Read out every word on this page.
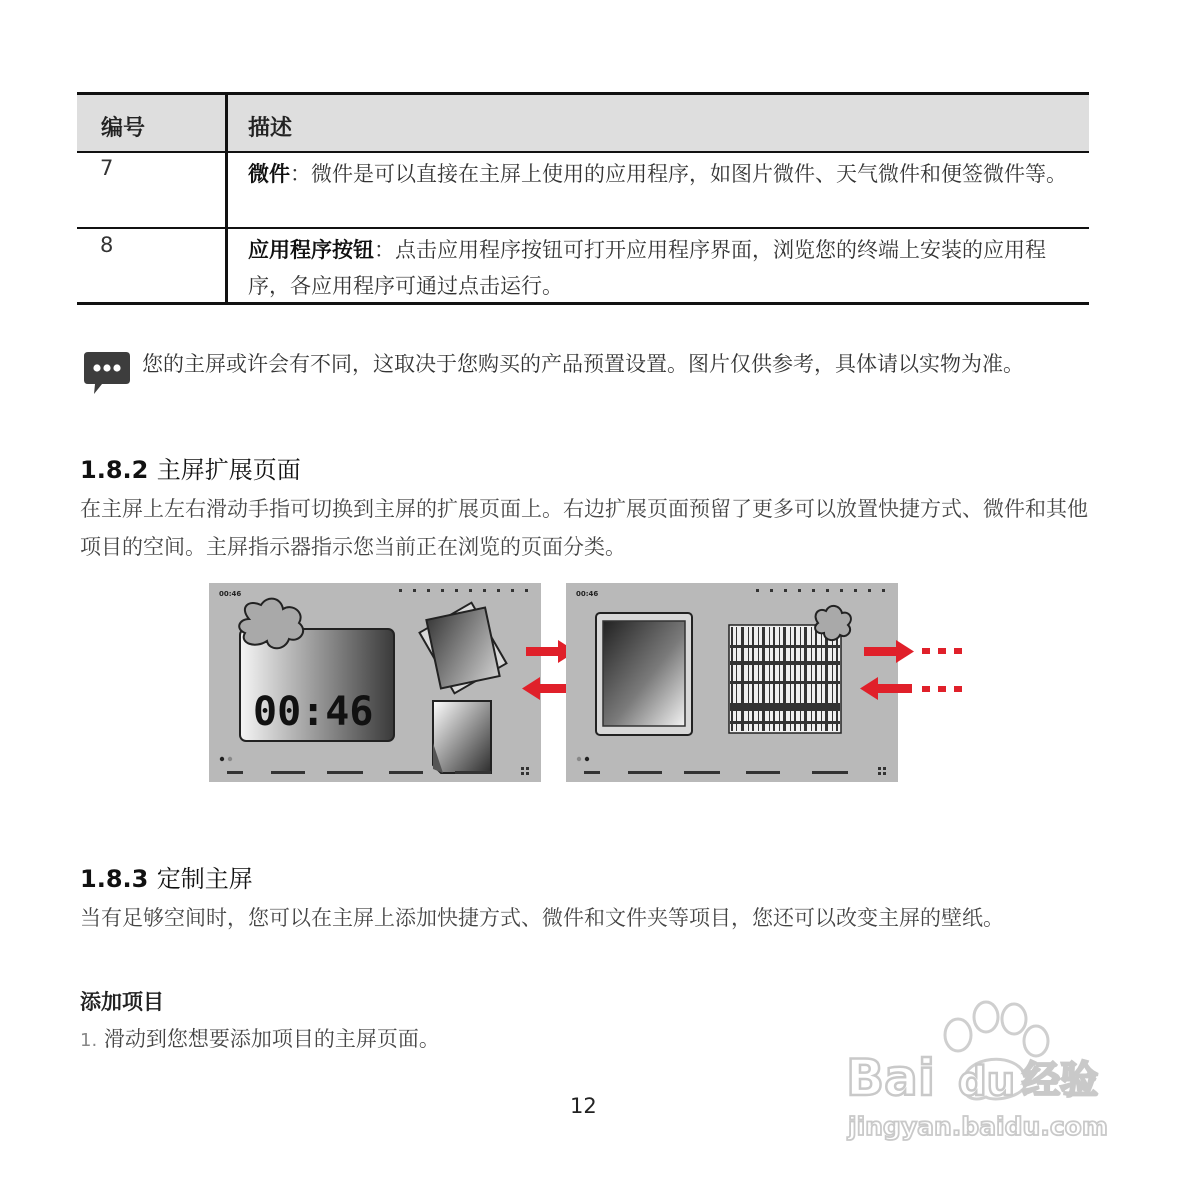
编号	描述
7	微件：微件是可以直接在主屏上使用的应用程序，如图片微件、天气微件和便签微件等。
8	应用程序按钮：点击应用程序按钮可打开应用程序界面，浏览您的终端上安装的应用程序，各应用程序可通过点击运行。
您的主屏或许会有不同，这取决于您购买的产品预置设置。图片仅供参考，具体请以实物为准。
1.8.2 主屏扩展页面
在主屏上左右滑动手指可切换到主屏的扩展页面上。右边扩展页面预留了更多可以放置快捷方式、微件和其他项目的空间。主屏指示器指示您当前正在浏览的页面分类。
00:46
00:46
00:46
1.8.3 定制主屏
当有足够空间时，您可以在主屏上添加快捷方式、微件和文件夹等项目，您还可以改变主屏的壁纸。
添加项目
1. 滑动到您想要添加项目的主屏页面。
12	Bai du 经验
jingyan.baidu.com
